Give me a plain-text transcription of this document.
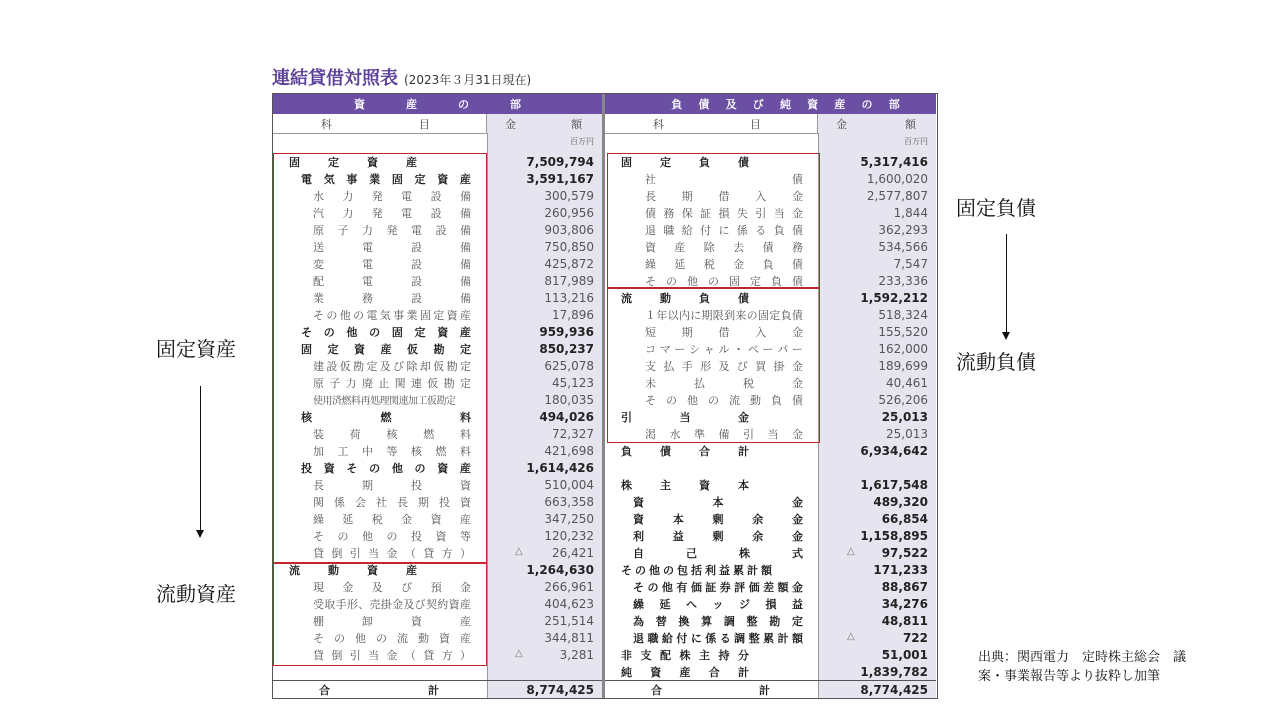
連結貸借対照表 (2023年３月31日現在)
資	産	の	部
科	目	金	額
百万円
固	定	資	産	7,509,794
電 気 事 業 固 定 資 産	3,591,167
水 力 発 電 設 備	300,579
汽 力 発 電 設 備	260,956
原 子 力 発 電 設 備	903,806
送	電	設	備	750,850
変	電	設	備	425,872
配	電	設	備	817,989
業	務	設	備	113,216
そ の 他 の 電 気 事 業 固 定 資 産	17,896
そ の 他 の 固 定 資 産	959,936
固 定 資 産 仮 勘 定	850,237
建 設 仮 勘 定 及 び 除 却 仮 勘 定	625,078
原 子 力 廃 止 関 連 仮 勘 定	45,123
使用済燃料再処理関連加工仮勘定	180,035
核	燃	料	494,026
装 荷 核 燃 料	72,327
加 工 中 等 核 燃 料	421,698
投 資 そ の 他 の 資 産	1,614,426
長	期	投	資	510,004
関 係 会 社 長 期 投 資	663,358
繰 延 税 金 資 産	347,250
そ の 他 の 投 資 等	120,232
貸 倒 引 当 金 （ 貸 方 ）	△ 26,421
流	動	資	産	1,264,630
現 金 及 び 預 金	266,961
受 取 手 形 、 売 掛 金 及 び 契 約 資 産	404,623
棚	卸	資	産	251,514
そ の 他 の 流 動 資 産	344,811
貸 倒 引 当 金 （ 貸 方 ）	△	3,281
合	計	8,774,425
負 債 及 び 純 資 産 の 部
科	目	金	額
百万円
固	定	負	債	5,317,416
社	債	1,600,020
長 期 借 入 金	2,577,807
債 務 保 証 損 失 引 当 金	1,844
退 職 給 付 に 係 る 負 債	362,293
資 産 除 去 債 務	534,566
繰 延 税 金 負 債	7,547
そ の 他 の 固 定 負 債	233,336
流	動	負	債	1,592,212
１ 年 以 内 に 期 限 到 来 の 固 定 負 債	518,324
短 期 借 入 金	155,520
コ マ ー シ ャ ル ・ ペ ー パ ー	162,000
支 払 手 形 及 び 買 掛 金	189,699
未	払	税	金	40,461
そ の 他 の 流 動 負 債	526,206
引	当	金	25,013
渇 水 準 備 引 当 金	25,013
負	債	合	計	6,934,642
株	主	資	本	1,617,548
資	本	金	489,320
資	本	剰	余	金	66,854
利	益	剰	余	金	1,158,895
自	己	株	式	△ 97,522
そ の 他 の 包 括 利 益 累 計 額	171,233
そ の 他 有 価 証 券 評 価 差 額 金	88,867
繰 延 ヘ ッ ジ 損 益	34,276
為 替 換 算 調 整 勘 定	48,811
退 職 給 付 に 係 る 調 整 累 計 額	△	722
非 支 配 株 主 持 分	51,001
純 資 産 合 計	1,839,782
合	計	8,774,425
固定資産
流動資産
固定負債
流動負債
出典：関西電力　定時株主総会　議
案・事業報告等より抜粋し加筆
